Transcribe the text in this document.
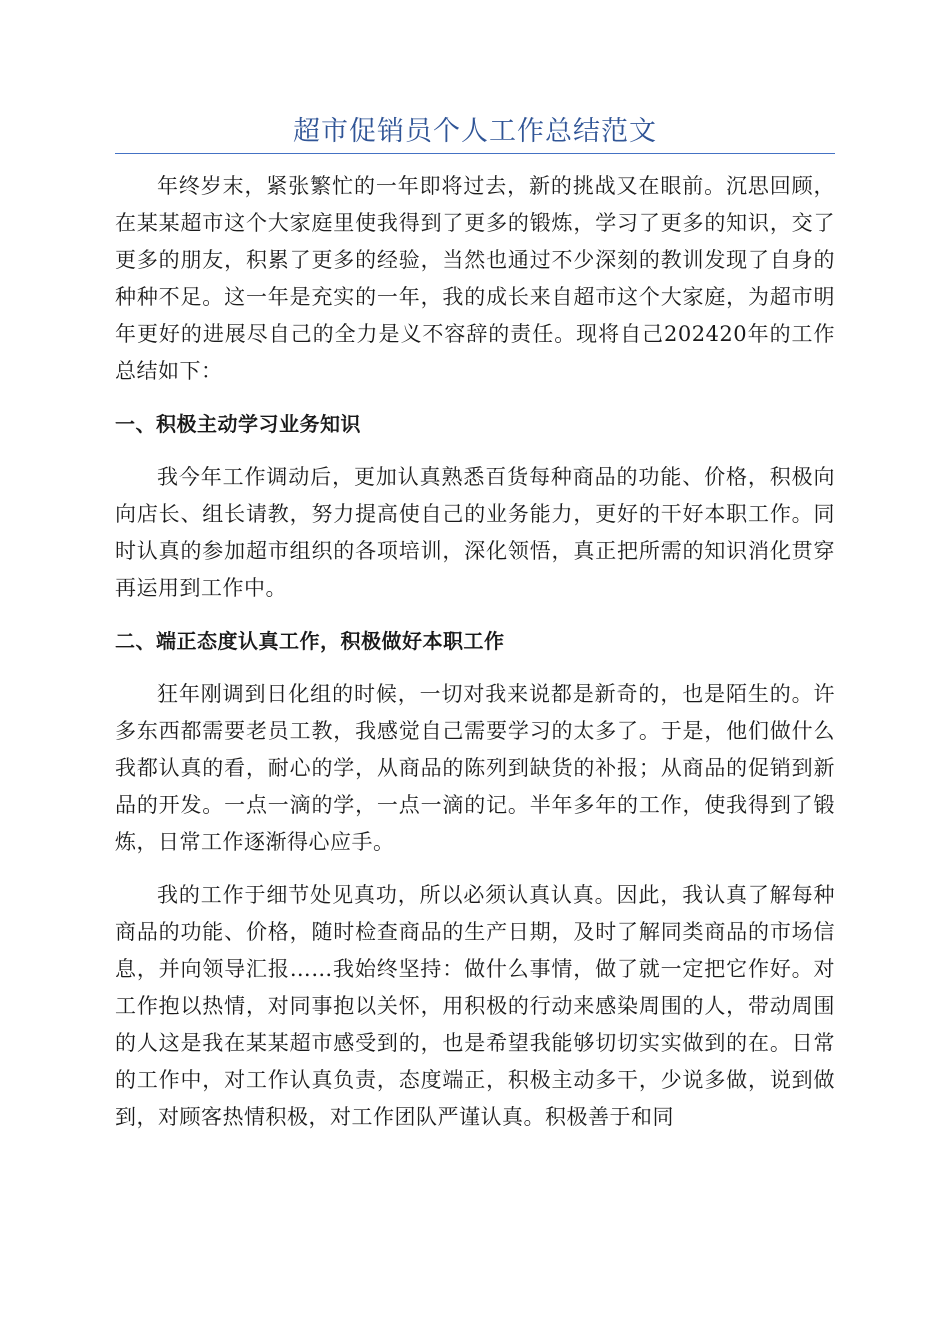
超市促销员个人工作总结范文

年终岁末，紧张繁忙的一年即将过去，新的挑战又在眼前。沉思回顾，在某某超市这个大家庭里使我得到了更多的锻炼，学习了更多的知识，交了更多的朋友，积累了更多的经验，当然也通过不少深刻的教训发现了自身的种种不足。这一年是充实的一年，我的成长来自超市这个大家庭，为超市明年更好的进展尽自己的全力是义不容辞的责任。现将自己202420年的工作总结如下：

一、积极主动学习业务知识

我今年工作调动后，更加认真熟悉百货每种商品的功能、价格，积极向向店长、组长请教，努力提高使自己的业务能力，更好的干好本职工作。同时认真的参加超市组织的各项培训，深化领悟，真正把所需的知识消化贯穿再运用到工作中。

二、端正态度认真工作，积极做好本职工作

狂年刚调到日化组的时候，一切对我来说都是新奇的，也是陌生的。许多东西都需要老员工教，我感觉自己需要学习的太多了。于是，他们做什么我都认真的看，耐心的学，从商品的陈列到缺货的补报；从商品的促销到新品的开发。一点一滴的学，一点一滴的记。半年多年的工作，使我得到了锻炼，日常工作逐渐得心应手。

我的工作于细节处见真功，所以必须认真认真。因此，我认真了解每种商品的功能、价格，随时检查商品的生产日期，及时了解同类商品的市场信息，并向领导汇报……我始终坚持：做什么事情，做了就一定把它作好。对工作抱以热情，对同事抱以关怀，用积极的行动来感染周围的人，带动周围的人这是我在某某超市感受到的，也是希望我能够切切实实做到的在。日常的工作中，对工作认真负责，态度端正，积极主动多干，少说多做，说到做到，对顾客热情积极，对工作团队严谨认真。积极善于和同
